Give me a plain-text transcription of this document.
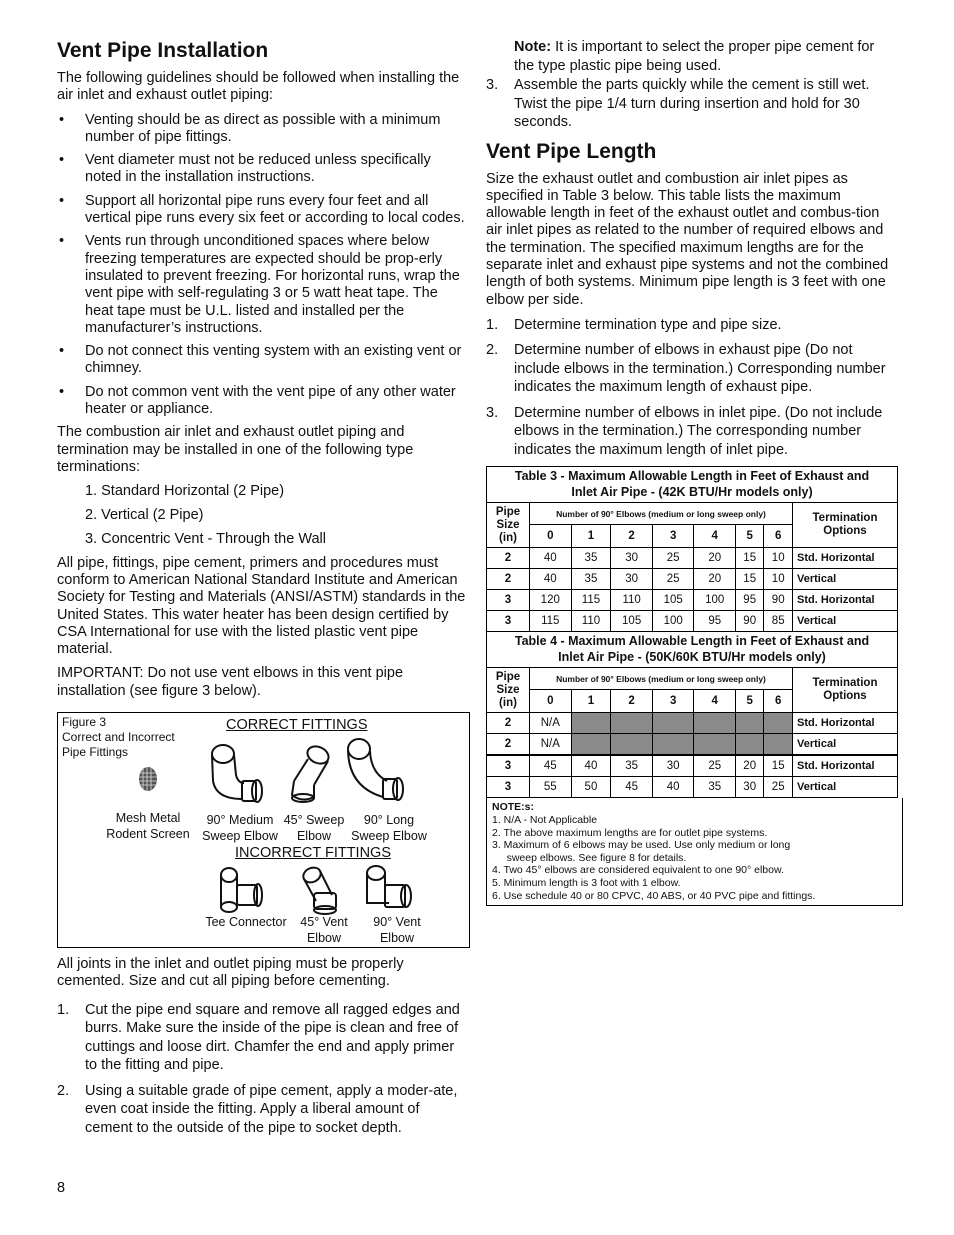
Vent Pipe Installation

The following guidelines should be followed when installing the air inlet and exhaust outlet piping:

• Venting should be as direct as possible with a minimum number of pipe fittings.
• Vent diameter must not be reduced unless specifically noted in the installation instructions.
• Support all horizontal pipe runs every four feet and all vertical pipe runs every six feet or according to local codes.
• Vents run through unconditioned spaces where below freezing temperatures are expected should be prop-erly insulated to prevent freezing. For horizontal runs, wrap the vent pipe with self-regulating 3 or 5 watt heat tape. The heat tape must be U.L. listed and installed per the manufacturer’s instructions.
• Do not connect this venting system with an existing vent or chimney.
• Do not common vent with the vent pipe of any other water heater or appliance.

The combustion air inlet and exhaust outlet piping and termination may be installed in one of the following type terminations:

1. Standard Horizontal (2 Pipe)
2. Vertical (2 Pipe)
3. Concentric Vent - Through the Wall

All pipe, fittings, pipe cement, primers and procedures must conform to American National Standard Institute and American Society for Testing and Materials (ANSI/ASTM) standards in the United States. This water heater has been design certified by CSA International for use with the listed plastic vent pipe material.

IMPORTANT: Do not use vent elbows in this vent pipe installation (see figure 3 below).

Figure 3
Correct and Incorrect
Pipe Fittings
CORRECT FITTINGS
Mesh Metal
Rodent Screen
90° Medium
Sweep Elbow
45° Sweep
Elbow
90° Long
Sweep Elbow
INCORRECT FITTINGS
Tee Connector	45° Vent
Elbow
90° Vent
Elbow

All joints in the inlet and outlet piping must be properly cemented. Size and cut all piping before cementing.

1. Cut the pipe end square and remove all ragged edges and burrs. Make sure the inside of the pipe is clean and free of cuttings and loose dirt. Chamfer the end and apply primer to the fitting and pipe.
2. Using a suitable grade of pipe cement, apply a moder-ate, even coat inside the fitting. Apply a liberal amount of cement to the outside of the pipe to socket depth.
Note: It is important to select the proper pipe cement for the type plastic pipe being used.
3. Assemble the parts quickly while the cement is still wet. Twist the pipe 1/4 turn during insertion and hold for 30 seconds.
Vent Pipe Length

Size the exhaust outlet and combustion air inlet pipes as specified in Table 3 below. This table lists the maximum allowable length in feet of the exhaust outlet and combus-tion air inlet pipes as related to the number of required elbows and the termination. The specified maximum lengths are for the separate inlet and exhaust pipe systems and not the combined length of both systems. Minimum pipe length is 3 feet with one elbow per side.

1. Determine termination type and pipe size.
2. Determine number of elbows in exhaust pipe (Do not include elbows in the termination.) Corresponding number indicates the maximum length of exhaust pipe.
3. Determine number of elbows in inlet pipe. (Do not include elbows in the termination.) The corresponding number indicates the maximum length of inlet pipe.
Table 3 - Maximum Allowable Length in Feet of Exhaust and
Inlet Air Pipe - (42K BTU/Hr models only)								

Pipe Size (in)	Number of 90° Elbows (medium or long sweep only)							Termination Options
	0	1	2	3	4	5	6	
2	40	35	30	25	20	15	10	Std. Horizontal
2	40	35	30	25	20	15	10	Vertical
3	120	115	110	105	100	95	90	Std. Horizontal
3	115	110	105	100	95	90	85	Vertical

Table 4 - Maximum Allowable Length in Feet of Exhaust and
Inlet Air Pipe - (50K/60K BTU/Hr models only)								

Pipe Size (in)	Number of 90° Elbows (medium or long sweep only)							Termination Options
	0	1	2	3	4	5	6	
2	N/A							Std. Horizontal
2	N/A							Vertical
3	45	40	35	30	25	20	15	Std. Horizontal
3	55	50	45	40	35	30	25	Vertical
NOTE:s:
1. N/A - Not Applicable
2. The above maximum lengths are for outlet pipe systems.
3. Maximum of 6 elbows may be used. Use only medium or long
sweep elbows. See figure 8 for details.
4. Two 45° elbows are considered equivalent to one 90° elbow.
5. Minimum length is 3 foot with 1 elbow.
6. Use schedule 40 or 80 CPVC, 40 ABS, or 40 PVC pipe and fittings.
8
